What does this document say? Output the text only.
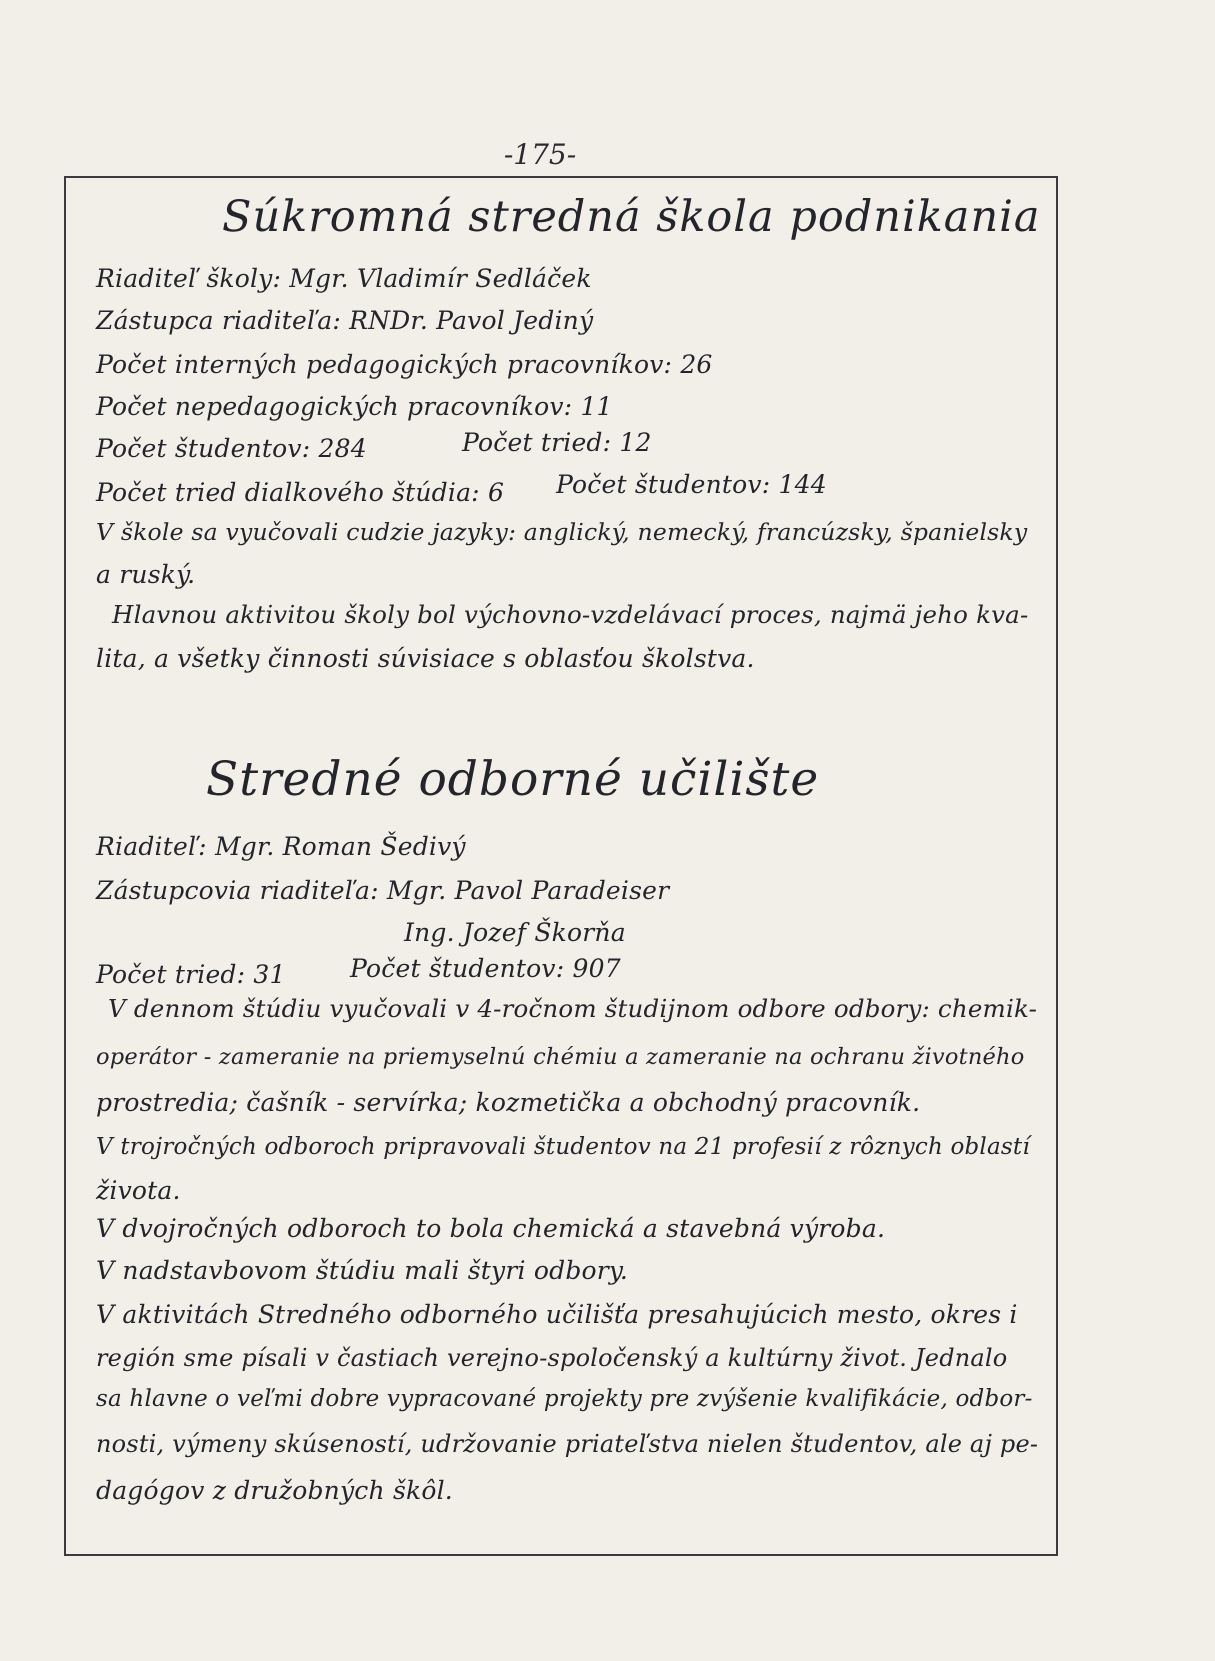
-175-
Súkromná stredná škola podnikania
Riaditeľ školy: Mgr. Vladimír Sedláček
Zástupca riaditeľa: RNDr. Pavol Jediný
Počet interných pedagogických pracovníkov: 26
Počet nepedagogických pracovníkov: 11
Počet študentov: 284	Počet tried: 12
Počet tried dialkového štúdia: 6 Počet študentov: 144
V škole sa vyučovali cudzie jazyky: anglický, nemecký, francúzsky, španielsky
a ruský.
Hlavnou aktivitou školy bol výchovno-vzdelávací proces, najmä jeho kva-
lita, a všetky činnosti súvisiace s oblasťou školstva.
Stredné odborné učilište
Riaditeľ: Mgr. Roman Šedivý
Zástupcovia riaditeľa: Mgr. Pavol Paradeiser
Ing. Jozef Škorňa
Počet tried: 31	Počet študentov: 907
V dennom štúdiu vyučovali v 4-ročnom študijnom odbore odbory: chemik-
operátor - zameranie na priemyselnú chémiu a zameranie na ochranu životného
prostredia; čašník - servírka; kozmetička a obchodný pracovník.
V trojročných odboroch pripravovali študentov na 21 profesií z rôznych oblastí
života.
V dvojročných odboroch to bola chemická a stavebná výroba.
V nadstavbovom štúdiu mali štyri odbory.
V aktivitách Stredného odborného učilišťa presahujúcich mesto, okres i
región sme písali v častiach verejno-spoločenský a kultúrny život. Jednalo
sa hlavne o veľmi dobre vypracované projekty pre zvýšenie kvalifikácie, odbor-
nosti, výmeny skúseností, udržovanie priateľstva nielen študentov, ale aj pe-
dagógov z družobných škôl.
